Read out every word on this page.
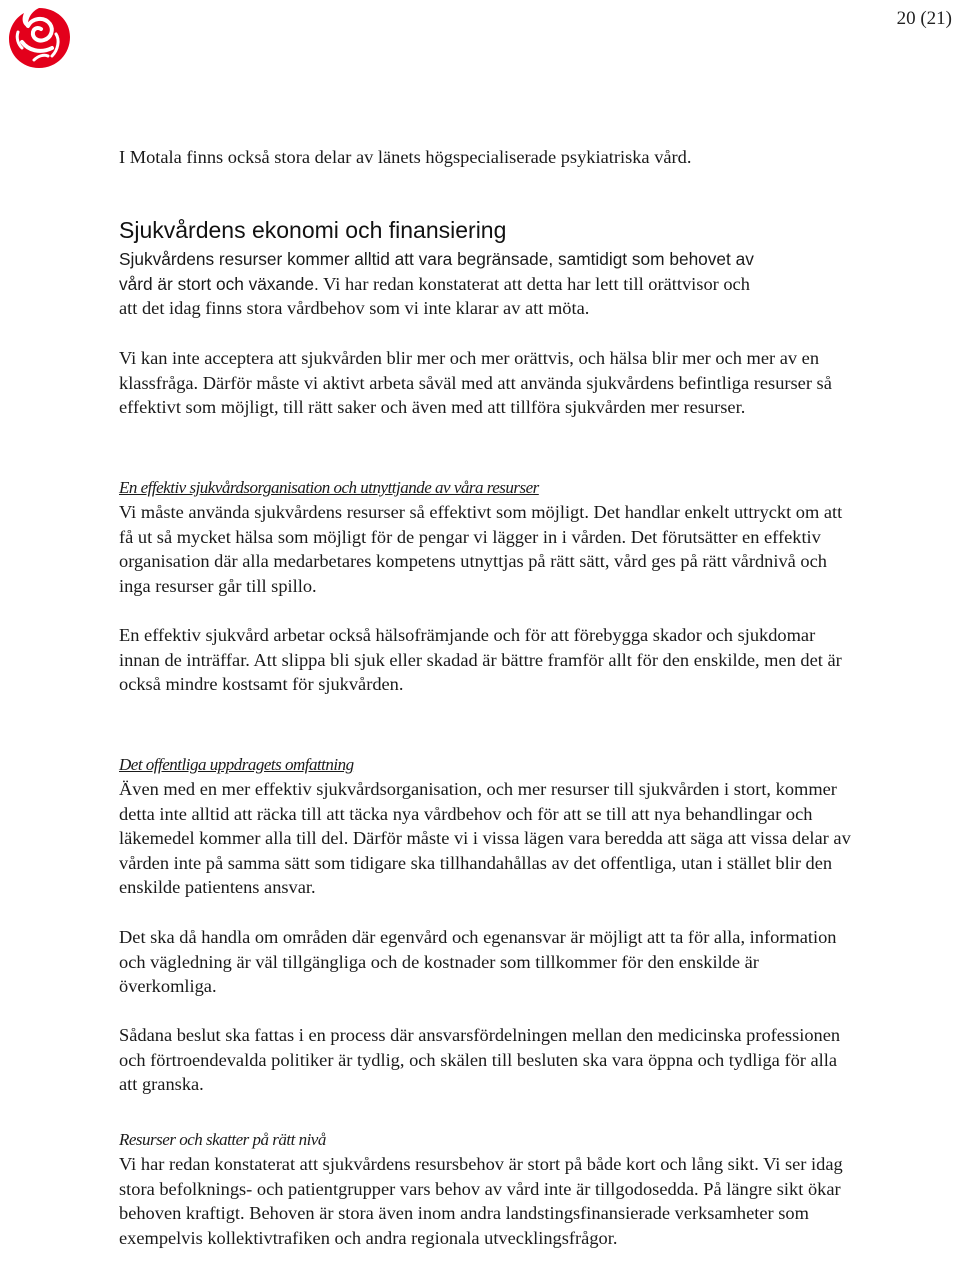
20 (21)

I Motala finns också stora delar av länets högspecialiserade psykiatriska vård.

Sjukvårdens ekonomi och finansiering
Sjukvårdens resurser kommer alltid att vara begränsade, samtidigt som behovet av
vård är stort och växande. Vi har redan konstaterat att detta har lett till orättvisor och
att det idag finns stora vårdbehov som vi inte klarar av att möta.

Vi kan inte acceptera att sjukvården blir mer och mer orättvis, och hälsa blir mer och mer av en klassfråga. Därför måste vi aktivt arbeta såväl med att använda sjukvårdens befintliga resurser så effektivt som möjligt, till rätt saker och även med att tillföra sjukvården mer resurser.

En effektiv sjukvårdsorganisation och utnyttjande av våra resurser

Vi måste använda sjukvårdens resurser så effektivt som möjligt. Det handlar enkelt uttryckt om att få ut så mycket hälsa som möjligt för de pengar vi lägger in i vården. Det förutsätter en effektiv organisation där alla medarbetares kompetens utnyttjas på rätt sätt, vård ges på rätt vårdnivå och inga resurser går till spillo.

En effektiv sjukvård arbetar också hälsofrämjande och för att förebygga skador och sjukdomar innan de inträffar. Att slippa bli sjuk eller skadad är bättre framför allt för den enskilde, men det är också mindre kostsamt för sjukvården.

Det offentliga uppdragets omfattning

Även med en mer effektiv sjukvårdsorganisation, och mer resurser till sjukvården i stort, kommer detta inte alltid att räcka till att täcka nya vårdbehov och för att se till att nya behandlingar och läkemedel kommer alla till del. Därför måste vi i vissa lägen vara beredda att säga att vissa delar av vården inte på samma sätt som tidigare ska tillhandahållas av det offentliga, utan i stället blir den enskilde patientens ansvar.

Det ska då handla om områden där egenvård och egenansvar är möjligt att ta för alla, information och vägledning är väl tillgängliga och de kostnader som tillkommer för den enskilde är överkomliga.

Sådana beslut ska fattas i en process där ansvarsfördelningen mellan den medicinska professionen och förtroendevalda politiker är tydlig, och skälen till besluten ska vara öppna och tydliga för alla att granska.

Resurser och skatter på rätt nivå

Vi har redan konstaterat att sjukvårdens resursbehov är stort på både kort och lång sikt. Vi ser idag stora befolknings- och patientgrupper vars behov av vård inte är tillgodosedda. På längre sikt ökar behoven kraftigt. Behoven är stora även inom andra landstingsfinansierade verksamheter som exempelvis kollektivtrafiken och andra regionala utvecklingsfrågor.
